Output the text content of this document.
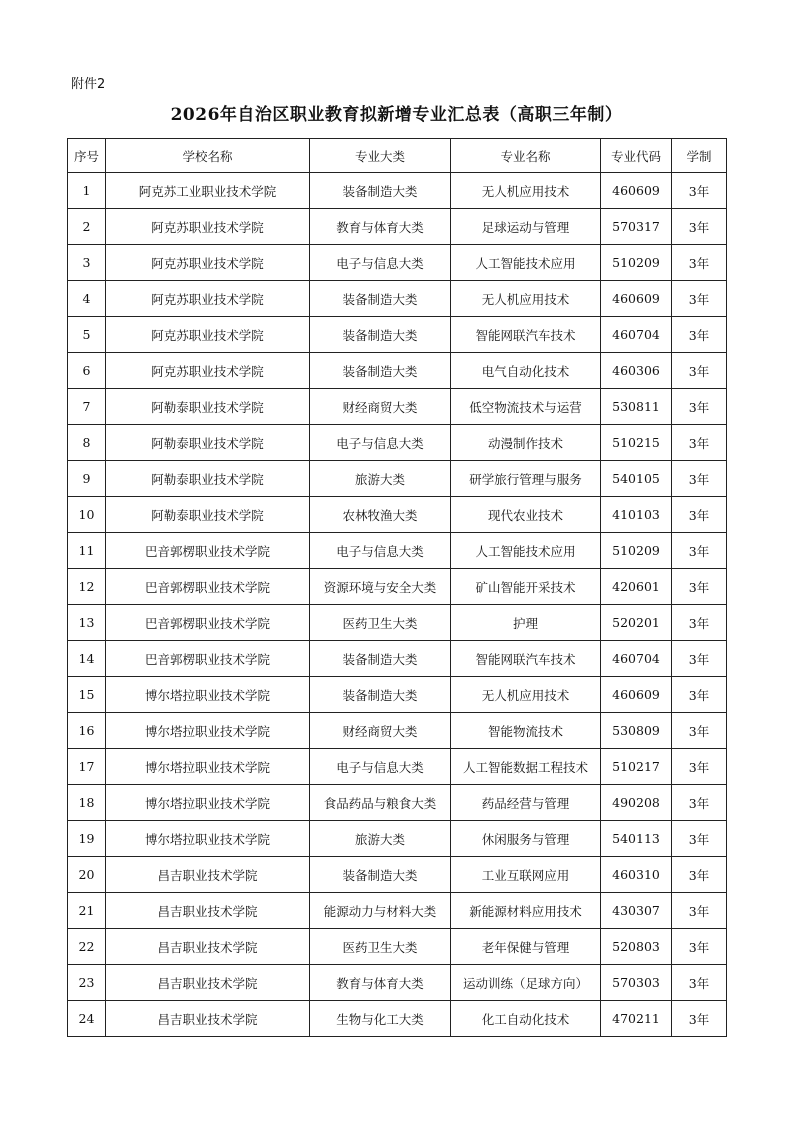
附件2
2026年自治区职业教育拟新增专业汇总表（高职三年制）
序号	学校名称	专业大类	专业名称	专业代码	学制
1	阿克苏工业职业技术学院	装备制造大类	无人机应用技术	460609	3年
2	阿克苏职业技术学院	教育与体育大类	足球运动与管理	570317	3年
3	阿克苏职业技术学院	电子与信息大类	人工智能技术应用	510209	3年
4	阿克苏职业技术学院	装备制造大类	无人机应用技术	460609	3年
5	阿克苏职业技术学院	装备制造大类	智能网联汽车技术	460704	3年
6	阿克苏职业技术学院	装备制造大类	电气自动化技术	460306	3年
7	阿勒泰职业技术学院	财经商贸大类	低空物流技术与运营	530811	3年
8	阿勒泰职业技术学院	电子与信息大类	动漫制作技术	510215	3年
9	阿勒泰职业技术学院	旅游大类	研学旅行管理与服务	540105	3年
10	阿勒泰职业技术学院	农林牧渔大类	现代农业技术	410103	3年
11	巴音郭楞职业技术学院	电子与信息大类	人工智能技术应用	510209	3年
12	巴音郭楞职业技术学院	资源环境与安全大类	矿山智能开采技术	420601	3年
13	巴音郭楞职业技术学院	医药卫生大类	护理	520201	3年
14	巴音郭楞职业技术学院	装备制造大类	智能网联汽车技术	460704	3年
15	博尔塔拉职业技术学院	装备制造大类	无人机应用技术	460609	3年
16	博尔塔拉职业技术学院	财经商贸大类	智能物流技术	530809	3年
17	博尔塔拉职业技术学院	电子与信息大类	人工智能数据工程技术	510217	3年
18	博尔塔拉职业技术学院	食品药品与粮食大类	药品经营与管理	490208	3年
19	博尔塔拉职业技术学院	旅游大类	休闲服务与管理	540113	3年
20	昌吉职业技术学院	装备制造大类	工业互联网应用	460310	3年
21	昌吉职业技术学院	能源动力与材料大类	新能源材料应用技术	430307	3年
22	昌吉职业技术学院	医药卫生大类	老年保健与管理	520803	3年
23	昌吉职业技术学院	教育与体育大类	运动训练（足球方向）	570303	3年
24	昌吉职业技术学院	生物与化工大类	化工自动化技术	470211	3年
